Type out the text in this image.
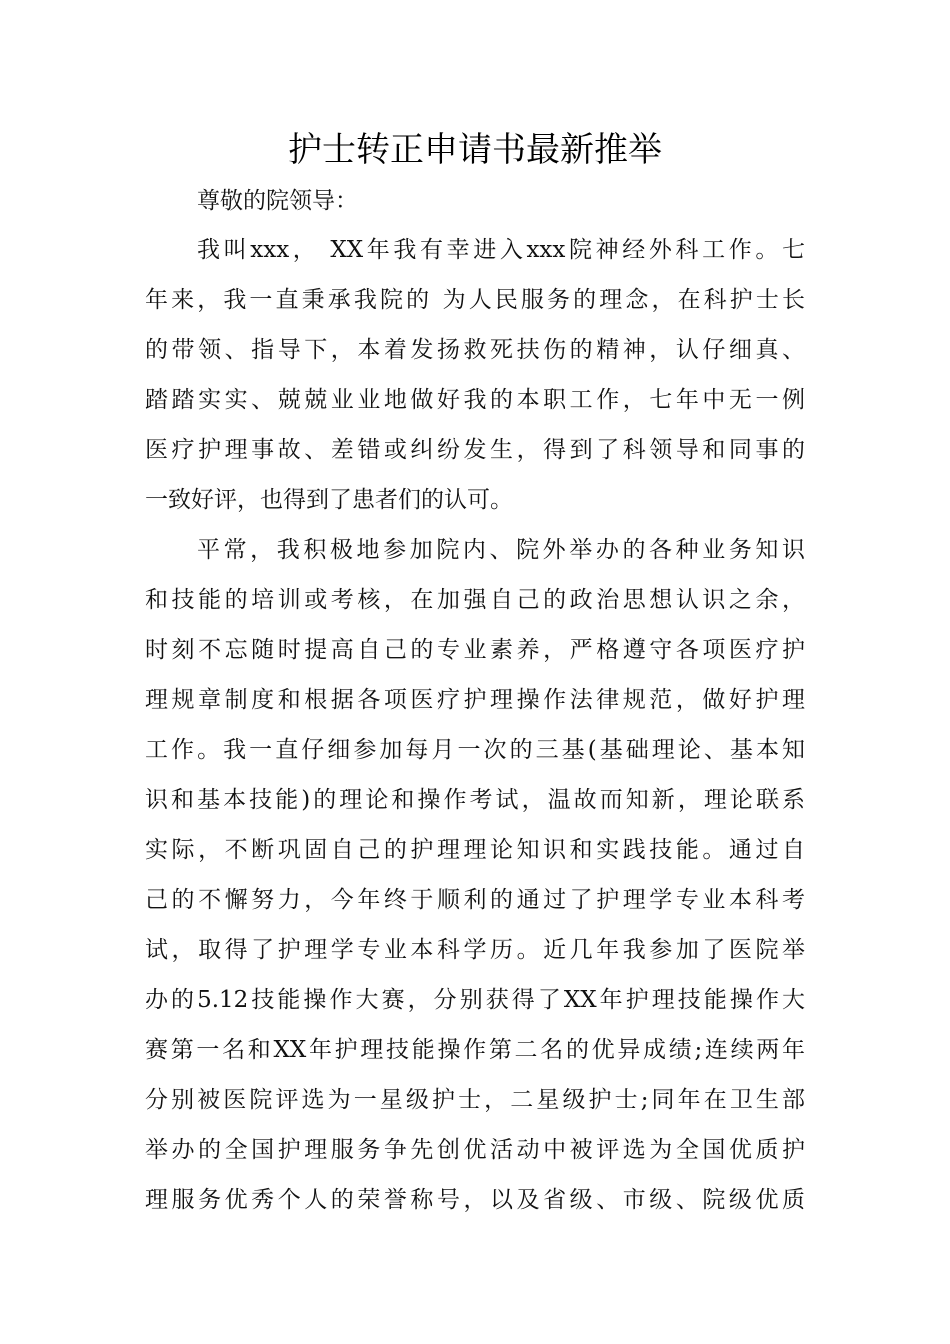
护士转正申请书最新推举

尊敬的院领导：

我叫xxx， XX年我有幸进入xxx院神经外科工作。七

年来，我一直秉承我院的 为人民服务的理念，在科护士长

的带领、指导下，本着发扬救死扶伤的精神，认仔细真、

踏踏实实、兢兢业业地做好我的本职工作，七年中无一例

医疗护理事故、差错或纠纷发生，得到了科领导和同事的

一致好评，也得到了患者们的认可。

平常，我积极地参加院内、院外举办的各种业务知识

和技能的培训或考核，在加强自己的政治思想认识之余，

时刻不忘随时提高自己的专业素养，严格遵守各项医疗护

理规章制度和根据各项医疗护理操作法律规范，做好护理

工作。我一直仔细参加每月一次的三基(基础理论、基本知

识和基本技能)的理论和操作考试，温故而知新，理论联系

实际，不断巩固自己的护理理论知识和实践技能。通过自

己的不懈努力，今年终于顺利的通过了护理学专业本科考

试，取得了护理学专业本科学历。近几年我参加了医院举

办的5.12技能操作大赛，分别获得了XX年护理技能操作大

赛第一名和XX年护理技能操作第二名的优异成绩;连续两年

分别被医院评选为一星级护士，二星级护士;同年在卫生部

举办的全国护理服务争先创优活动中被评选为全国优质护

理服务优秀个人的荣誉称号，以及省级、市级、院级优质
